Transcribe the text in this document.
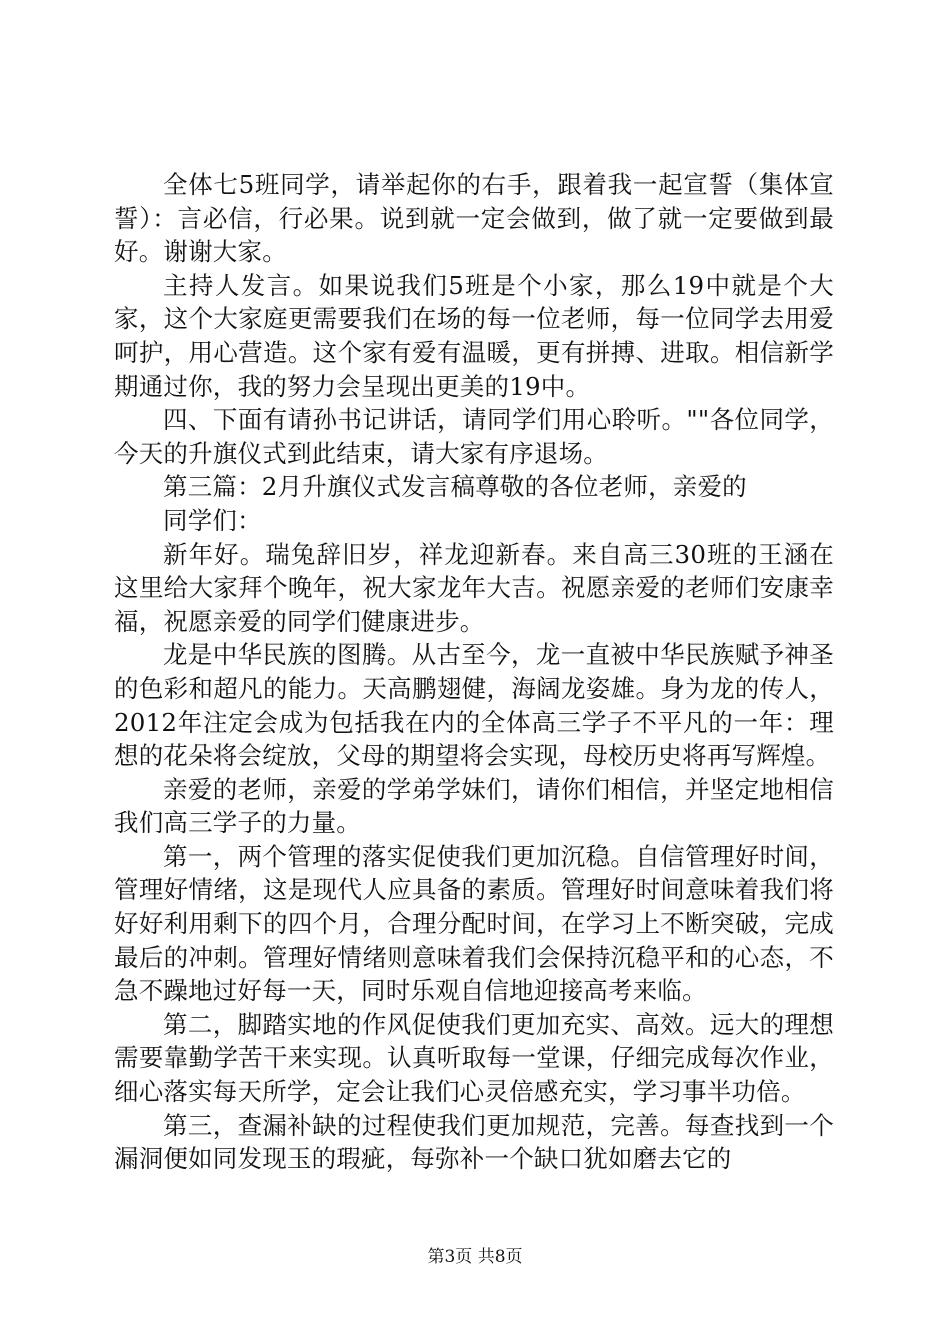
全体七5班同学，请举起你的右手，跟着我一起宣誓（集体宣誓）：言必信，行必果。说到就一定会做到，做了就一定要做到最好。谢谢大家。

主持人发言。如果说我们5班是个小家，那么19中就是个大家，这个大家庭更需要我们在场的每一位老师，每一位同学去用爱呵护，用心营造。这个家有爱有温暖，更有拼搏、进取。相信新学期通过你，我的努力会呈现出更美的19中。

四、下面有请孙书记讲话，请同学们用心聆听。""各位同学，今天的升旗仪式到此结束，请大家有序退场。

第三篇：2月升旗仪式发言稿尊敬的各位老师，亲爱的

同学们：

新年好。瑞兔辞旧岁，祥龙迎新春。来自高三30班的王涵在这里给大家拜个晚年，祝大家龙年大吉。祝愿亲爱的老师们安康幸福，祝愿亲爱的同学们健康进步。

龙是中华民族的图腾。从古至今，龙一直被中华民族赋予神圣的色彩和超凡的能力。天高鹏翅健，海阔龙姿雄。身为龙的传人，2012年注定会成为包括我在内的全体高三学子不平凡的一年：理想的花朵将会绽放，父母的期望将会实现，母校历史将再写辉煌。

亲爱的老师，亲爱的学弟学妹们，请你们相信，并坚定地相信我们高三学子的力量。

第一，两个管理的落实促使我们更加沉稳。自信管理好时间，管理好情绪，这是现代人应具备的素质。管理好时间意味着我们将好好利用剩下的四个月，合理分配时间，在学习上不断突破，完成最后的冲刺。管理好情绪则意味着我们会保持沉稳平和的心态，不急不躁地过好每一天，同时乐观自信地迎接高考来临。

第二，脚踏实地的作风促使我们更加充实、高效。远大的理想需要靠勤学苦干来实现。认真听取每一堂课，仔细完成每次作业，细心落实每天所学，定会让我们心灵倍感充实，学习事半功倍。

第三，查漏补缺的过程使我们更加规范，完善。每查找到一个漏洞便如同发现玉的瑕疵，每弥补一个缺口犹如磨去它的

第3页 共8页
